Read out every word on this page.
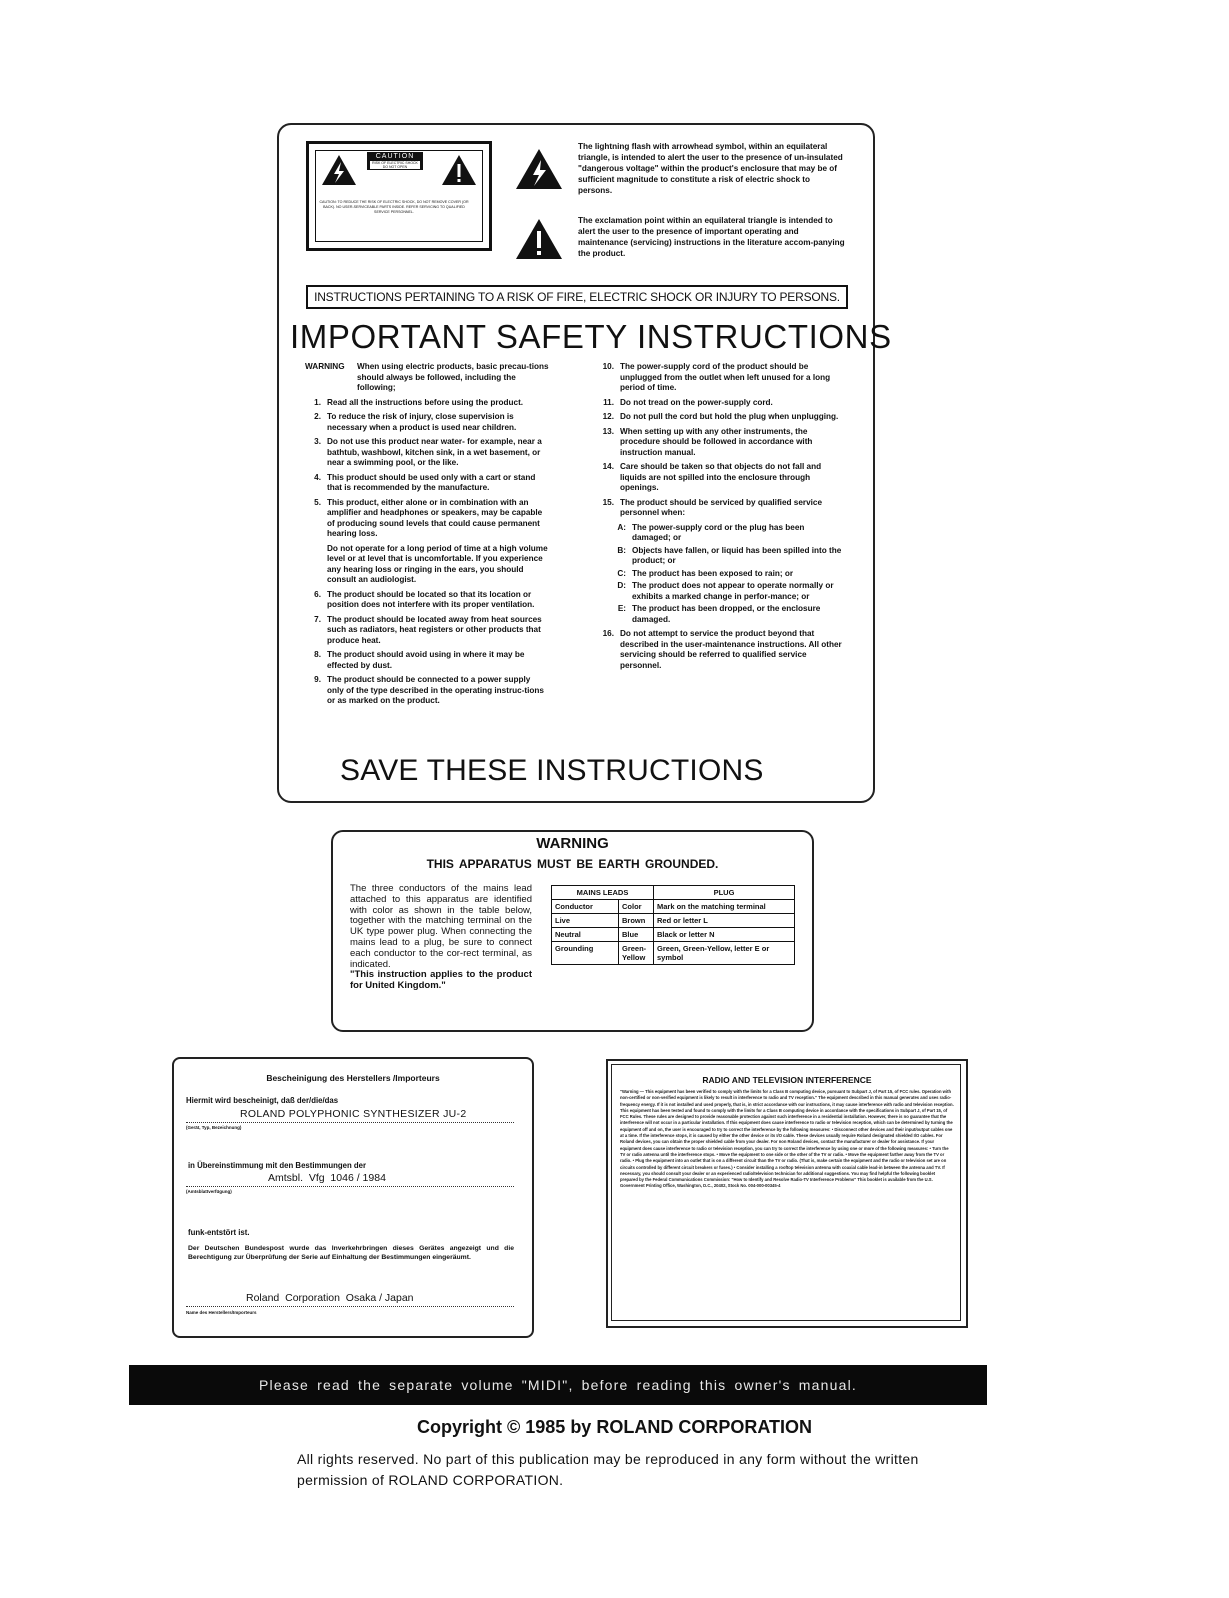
CAUTION
RISK OF ELECTRIC SHOCK DO NOT OPEN
CAUTION: TO REDUCE THE RISK OF ELECTRIC SHOCK, DO NOT REMOVE COVER (OR BACK). NO USER-SERVICEABLE PARTS INSIDE. REFER SERVICING TO QUALIFIED SERVICE PERSONNEL.
The lightning flash with arrowhead symbol, within an equilateral triangle, is intended to alert the user to the presence of un-insulated "dangerous voltage" within the product's enclosure that may be of sufficient magnitude to constitute a risk of electric shock to persons.
The exclamation point within an equilateral triangle is intended to alert the user to the presence of important operating and maintenance (servicing) instructions in the literature accom-panying the product.
INSTRUCTIONS PERTAINING TO A RISK OF FIRE, ELECTRIC SHOCK OR INJURY TO PERSONS.
IMPORTANT SAFETY INSTRUCTIONS
WARNING	When using electric products, basic precau-tions should always be followed, including the following;
1. Read all the instructions before using the product.
2. To reduce the risk of injury, close supervision is necessary when a product is used near children.
3. Do not use this product near water- for example, near a bathtub, washbowl, kitchen sink, in a wet basement, or near a swimming pool, or the like.
4. This product should be used only with a cart or stand that is recommended by the manufacture.
5. This product, either alone or in combination with an amplifier and headphones or speakers, may be capable of producing sound levels that could cause permanent hearing loss.
Do not operate for a long period of time at a high volume level or at level that is uncomfortable. If you experience any hearing loss or ringing in the ears, you should consult an audiologist.
6. The product should be located so that its location or position does not interfere with its proper ventilation.
7. The product should be located away from heat sources such as radiators, heat registers or other products that produce heat.
8. The product should avoid using in where it may be effected by dust.
9. The product should be connected to a power supply only of the type described in the operating instruc-tions or as marked on the product.
10. The power-supply cord of the product should be unplugged from the outlet when left unused for a long period of time.
11. Do not tread on the power-supply cord.
12. Do not pull the cord but hold the plug when unplugging.
13. When setting up with any other instruments, the procedure should be followed in accordance with instruction manual.
14. Care should be taken so that objects do not fall and liquids are not spilled into the enclosure through openings.
15. The product should be serviced by qualified service personnel when:
A: The power-supply cord or the plug has been damaged; or
B: Objects have fallen, or liquid has been spilled into the product; or
C: The product has been exposed to rain; or
D: The product does not appear to operate normally or exhibits a marked change in perfor-mance; or
E: The product has been dropped, or the enclosure damaged.
16. Do not attempt to service the product beyond that described in the user-maintenance instructions. All other servicing should be referred to qualified service personnel.
SAVE THESE INSTRUCTIONS
WARNING
THIS APPARATUS MUST BE EARTH GROUNDED.
The three conductors of the mains lead attached to this apparatus are identified with color as shown in the table below, together with the matching terminal on the UK type power plug. When connecting the mains lead to a plug, be sure to connect each conductor to the cor-rect terminal, as indicated.
"This instruction applies to the product for United Kingdom."
MAINS LEADS		PLUG
Conductor	Color	Mark on the matching terminal
Live	Brown	Red or letter L
Neutral	Blue	Black or letter N
Grounding	Green-Yellow	Green, Green-Yellow, letter E or symbol
Bescheinigung des Herstellers /Importeurs
Hiermit wird bescheinigt, daß der/die/das
ROLAND POLYPHONIC SYNTHESIZER JU-2
(Gerät, Typ, Bezeichnung)
in Übereinstimmung mit den Bestimmungen der
Amtsbl.  Vfg  1046 / 1984
(Amtsblattverfügung)
funk-entstört ist.
Der Deutschen Bundespost wurde das Inverkehrbringen dieses Gerätes angezeigt und die Berechtigung zur Überprüfung der Serie auf Einhaltung der Bestimmungen eingeräumt.
Roland  Corporation  Osaka / Japan
Name des Herstellers/Importeurs
RADIO AND TELEVISION INTERFERENCE
"Warning — This equipment has been verified to comply with the limits for a Class B computing device, pursuant to Subpart J, of Part 15, of FCC rules. Operation with non-certified or non-verified equipment is likely to result in interference to radio and TV reception." The equipment described in this manual generates and uses radio-frequency energy. If it is not installed and used properly, that is, in strict accordance with our instructions, it may cause interference with radio and television reception. This equipment has been tested and found to comply with the limits for a Class B computing device in accordance with the specifications in Subpart J, of Part 15, of FCC Rules. These rules are designed to provide reasonable protection against such interference in a residential installation. However, there is no guarantee that the interference will not occur in a particular installation. If this equipment does cause interference to radio or television reception, which can be determined by turning the equipment off and on, the user is encouraged to try to correct the interference by the following measures: • Disconnect other devices and their input/output cables one at a time. If the interference stops, it is caused by either the other device or its I/O cable. These devices usually require Roland designated shielded I/O cables. For Roland devices, you can obtain the proper shielded cable from your dealer. For non Roland devices, contact the manufacturer or dealer for assistance. If your equipment does cause interference to radio or television reception, you can try to correct the interference by using one or more of the following measures: • Turn the TV or radio antenna until the interference stops. • Move the equipment to one side or the other of the TV or radio. • Move the equipment farther away from the TV or radio. • Plug the equipment into an outlet that is on a different circuit than the TV or radio. (That is, make certain the equipment and the radio or television set are on circuits controlled by different circuit breakers or fuses.) • Consider installing a rooftop television antenna with coaxial cable lead-in between the antenna and TV. If necessary, you should consult your dealer or an experienced radio/television technician for additional suggestions. You may find helpful the following booklet prepared by the Federal Communications Commission: "How to Identify and Resolve Radio-TV Interference Problems" This booklet is available from the U.S. Government Printing Office, Washington, D.C., 20402, Stock No. 004-000-00345-4
Please read the separate volume "MIDI", before reading this owner's manual.
Copyright © 1985 by ROLAND CORPORATION
All rights reserved. No part of this publication may be reproduced in any form without the written permission of ROLAND CORPORATION.
